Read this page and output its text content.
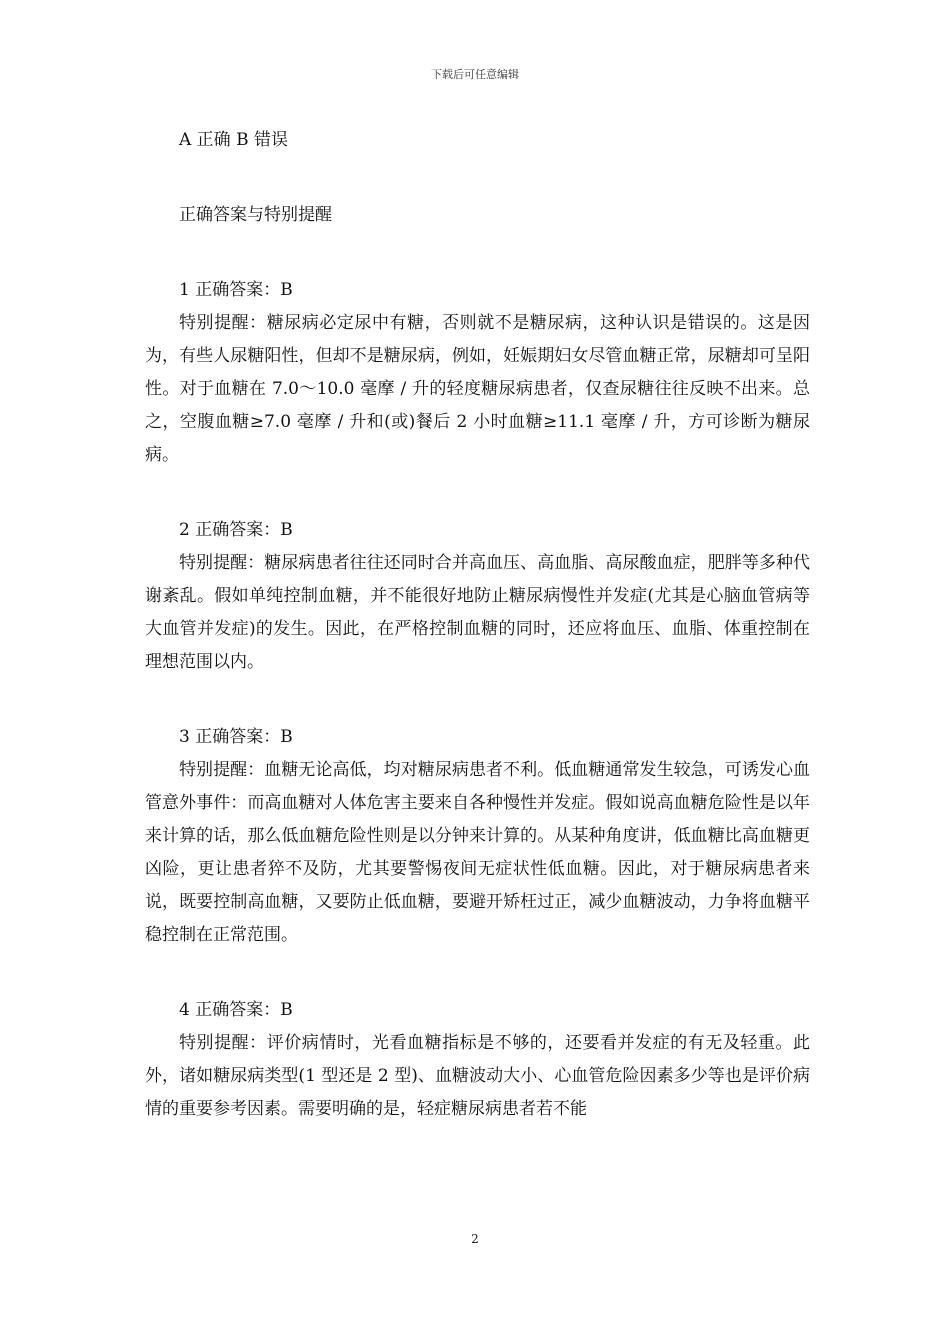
下载后可任意编辑

A 正确 B 错误

正确答案与特别提醒

1 正确答案：B

特别提醒：糖尿病必定尿中有糖，否则就不是糖尿病，这种认识是错误的。这是因为，有些人尿糖阳性，但却不是糖尿病，例如，妊娠期妇女尽管血糖正常，尿糖却可呈阳性。对于血糖在 7.0～10.0 毫摩 / 升的轻度糖尿病患者，仅查尿糖往往反映不出来。总之，空腹血糖≥7.0 毫摩 / 升和(或)餐后 2 小时血糖≥11.1 毫摩 / 升，方可诊断为糖尿病。

2 正确答案：B

特别提醒：糖尿病患者往往还同时合并高血压、高血脂、高尿酸血症，肥胖等多种代谢紊乱。假如单纯控制血糖，并不能很好地防止糖尿病慢性并发症(尤其是心脑血管病等大血管并发症)的发生。因此，在严格控制血糖的同时，还应将血压、血脂、体重控制在理想范围以内。

3 正确答案：B

特别提醒：血糖无论高低，均对糖尿病患者不利。低血糖通常发生较急，可诱发心血管意外事件：而高血糖对人体危害主要来自各种慢性并发症。假如说高血糖危险性是以年来计算的话，那么低血糖危险性则是以分钟来计算的。从某种角度讲，低血糖比高血糖更凶险，更让患者猝不及防，尤其要警惕夜间无症状性低血糖。因此，对于糖尿病患者来说，既要控制高血糖，又要防止低血糖，要避开矫枉过正，减少血糖波动，力争将血糖平稳控制在正常范围。

4 正确答案：B

特别提醒：评价病情时，光看血糖指标是不够的，还要看并发症的有无及轻重。此外，诸如糖尿病类型(1 型还是 2 型)、血糖波动大小、心血管危险因素多少等也是评价病情的重要参考因素。需要明确的是，轻症糖尿病患者若不能

2
